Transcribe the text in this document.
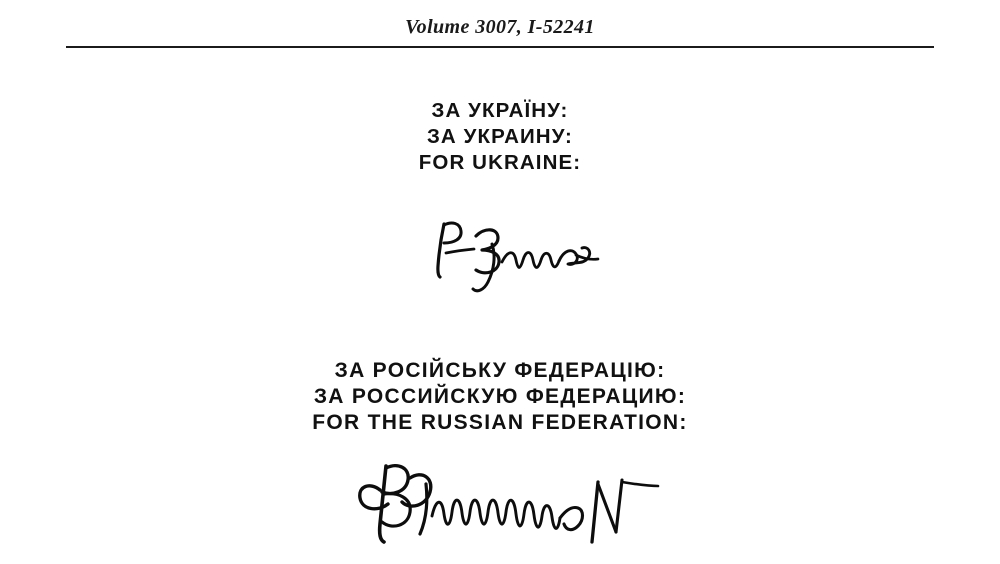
Volume 3007, I-52241
ЗА УКРАЇНУ:
ЗА УКРАИНУ:
FOR UKRAINE:
ЗА РОСІЙСЬКУ ФЕДЕРАЦІЮ:
ЗА РОССИЙСКУЮ ФЕДЕРАЦИЮ:
FOR THE RUSSIAN FEDERATION:
